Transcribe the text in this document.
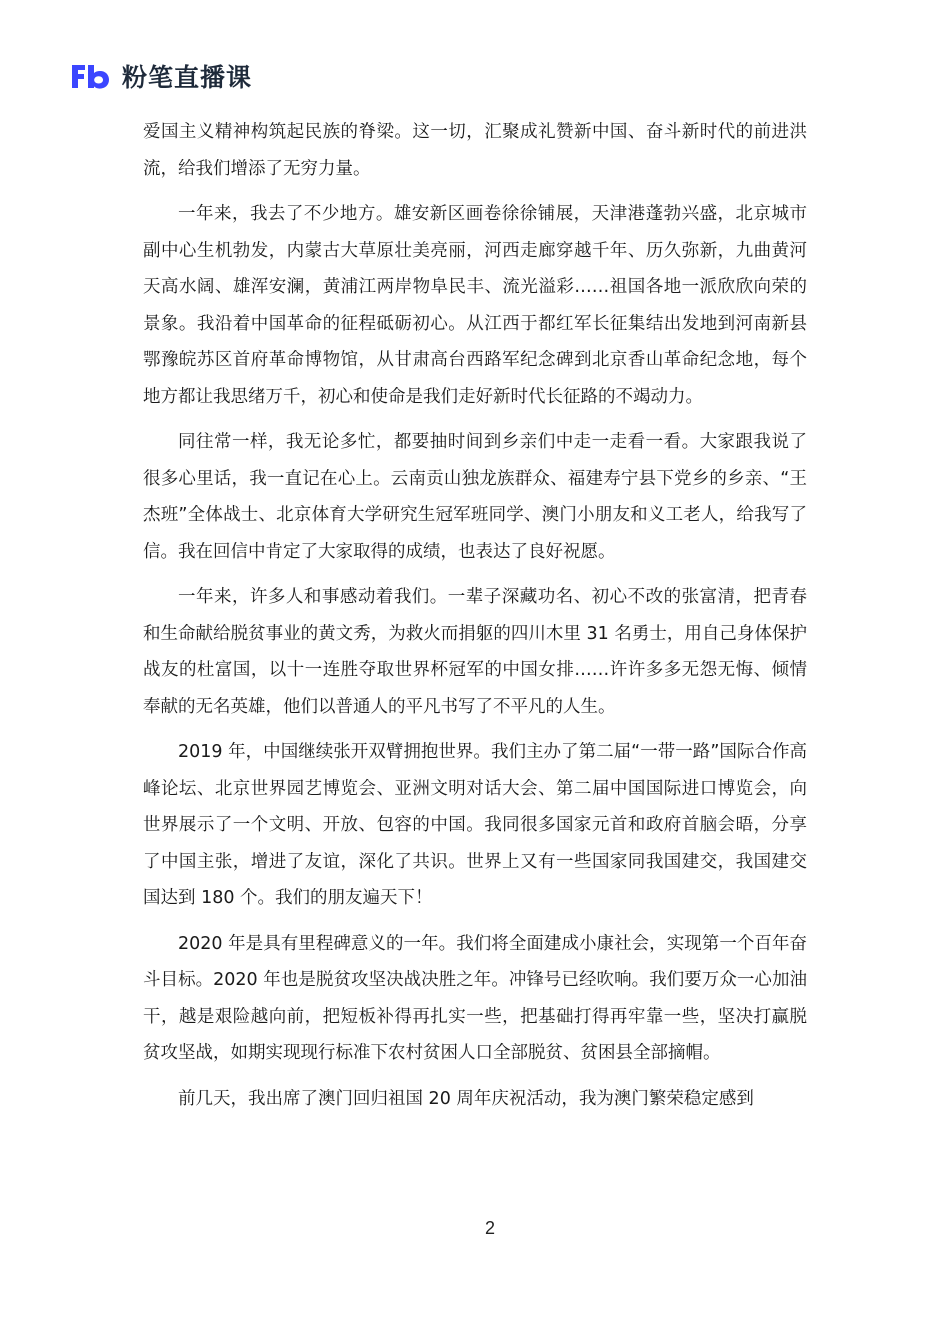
粉笔直播课

爱国主义精神构筑起民族的脊梁。这一切，汇聚成礼赞新中国、奋斗新时代的前进洪流，给我们增添了无穷力量。

一年来，我去了不少地方。雄安新区画卷徐徐铺展，天津港蓬勃兴盛，北京城市副中心生机勃发，内蒙古大草原壮美亮丽，河西走廊穿越千年、历久弥新，九曲黄河天高水阔、雄浑安澜，黄浦江两岸物阜民丰、流光溢彩……祖国各地一派欣欣向荣的景象。我沿着中国革命的征程砥砺初心。从江西于都红军长征集结出发地到河南新县鄂豫皖苏区首府革命博物馆，从甘肃高台西路军纪念碑到北京香山革命纪念地，每个地方都让我思绪万千，初心和使命是我们走好新时代长征路的不竭动力。

同往常一样，我无论多忙，都要抽时间到乡亲们中走一走看一看。大家跟我说了很多心里话，我一直记在心上。云南贡山独龙族群众、福建寿宁县下党乡的乡亲、“王杰班”全体战士、北京体育大学研究生冠军班同学、澳门小朋友和义工老人，给我写了信。我在回信中肯定了大家取得的成绩，也表达了良好祝愿。

一年来，许多人和事感动着我们。一辈子深藏功名、初心不改的张富清，把青春和生命献给脱贫事业的黄文秀，为救火而捐躯的四川木里 31 名勇士，用自己身体保护战友的杜富国，以十一连胜夺取世界杯冠军的中国女排……许许多多无怨无悔、倾情奉献的无名英雄，他们以普通人的平凡书写了不平凡的人生。

2019 年，中国继续张开双臂拥抱世界。我们主办了第二届“一带一路”国际合作高峰论坛、北京世界园艺博览会、亚洲文明对话大会、第二届中国国际进口博览会，向世界展示了一个文明、开放、包容的中国。我同很多国家元首和政府首脑会晤，分享了中国主张，增进了友谊，深化了共识。世界上又有一些国家同我国建交，我国建交国达到 180 个。我们的朋友遍天下！

2020 年是具有里程碑意义的一年。我们将全面建成小康社会，实现第一个百年奋斗目标。2020 年也是脱贫攻坚决战决胜之年。冲锋号已经吹响。我们要万众一心加油干，越是艰险越向前，把短板补得再扎实一些，把基础打得再牢靠一些，坚决打赢脱贫攻坚战，如期实现现行标准下农村贫困人口全部脱贫、贫困县全部摘帽。

前几天，我出席了澳门回归祖国 20 周年庆祝活动，我为澳门繁荣稳定感到

2
